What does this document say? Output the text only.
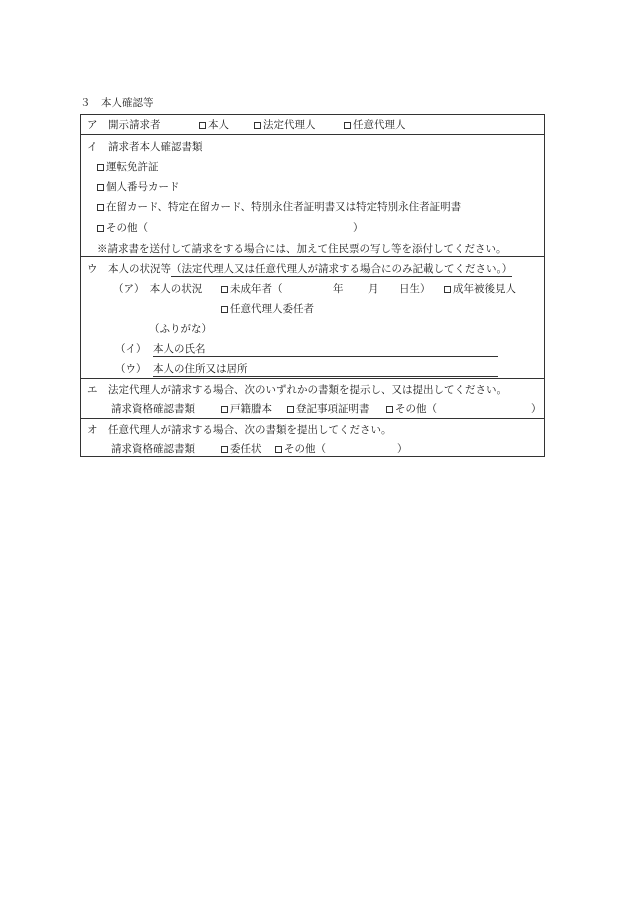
３　本人確認等
ア　開示請求者	本人	法定代理人	任意代理人
イ　請求者本人確認書類
運転免許証
個人番号カード
在留カード、特定在留カード、特別永住者証明書又は特定特別永住者証明書
その他（	）
※請求書を送付して請求をする場合には、加えて住民票の写し等を添付してください。
ウ　本人の状況等（法定代理人又は任意代理人が請求する場合にのみ記載してください。）
（ア）　本人の状況	未成年者（	年 月 日生）	成年被後見人
任意代理人委任者
（ふりがな）
（イ） 本人の氏名
（ウ） 本人の住所又は居所
エ　法定代理人が請求する場合、次のいずれかの書類を提示し、又は提出してください。
請求資格確認書類	戸籍謄本	登記事項証明書	その他（	）
オ　任意代理人が請求する場合、次の書類を提出してください。
請求資格確認書類	委任状	その他（	）
